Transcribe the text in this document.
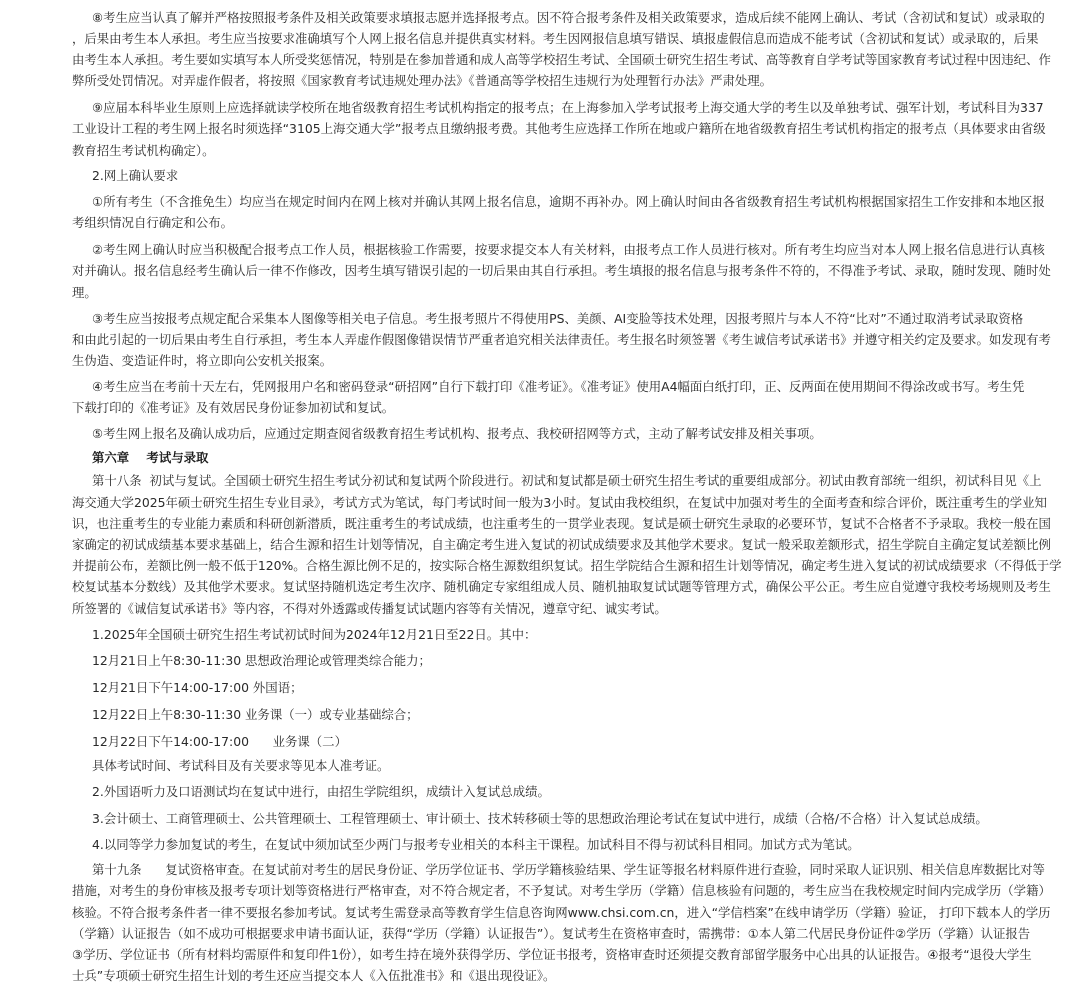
⑧考生应当认真了解并严格按照报考条件及相关政策要求填报志愿并选择报考点。因不符合报考条件及相关政策要求，造成后续不能网上确认、考试（含初试和复试）或录取的
，后果由考生本人承担。考生应当按要求准确填写个人网上报名信息并提供真实材料。考生因网报信息填写错误、填报虚假信息而造成不能考试（含初试和复试）或录取的，后果
由考生本人承担。考生要如实填写本人所受奖惩情况，特别是在参加普通和成人高等学校招生考试、全国硕士研究生招生考试、高等教育自学考试等国家教育考试过程中因违纪、作
弊所受处罚情况。对弄虚作假者，将按照《国家教育考试违规处理办法》《普通高等学校招生违规行为处理暂行办法》严肃处理。
⑨应届本科毕业生原则上应选择就读学校所在地省级教育招生考试机构指定的报考点；在上海参加入学考试报考上海交通大学的考生以及单独考试、强军计划，考试科目为337
工业设计工程的考生网上报名时须选择“3105上海交通大学”报考点且缴纳报考费。其他考生应选择工作所在地或户籍所在地省级教育招生考试机构指定的报考点（具体要求由省级
教育招生考试机构确定）。
2.网上确认要求
①所有考生（不含推免生）均应当在规定时间内在网上核对并确认其网上报名信息，逾期不再补办。网上确认时间由各省级教育招生考试机构根据国家招生工作安排和本地区报
考组织情况自行确定和公布。
②考生网上确认时应当积极配合报考点工作人员，根据核验工作需要，按要求提交本人有关材料，由报考点工作人员进行核对。所有考生均应当对本人网上报名信息进行认真核
对并确认。报名信息经考生确认后一律不作修改，因考生填写错误引起的一切后果由其自行承担。考生填报的报名信息与报考条件不符的，不得准予考试、录取，随时发现、随时处
理。
③考生应当按报考点规定配合采集本人图像等相关电子信息。考生报考照片不得使用PS、美颜、AI变脸等技术处理，因报考照片与本人不符“比对”不通过取消考试录取资格
和由此引起的一切后果由考生自行承担，考生本人弄虚作假图像错误情节严重者追究相关法律责任。考生报名时须签署《考生诚信考试承诺书》并遵守相关约定及要求。如发现有考
生伪造、变造证件时，将立即向公安机关报案。
④考生应当在考前十天左右，凭网报用户名和密码登录“研招网”自行下载打印《准考证》。《准考证》使用A4幅面白纸打印，正、反两面在使用期间不得涂改或书写。考生凭
下载打印的《准考证》及有效居民身份证参加初试和复试。
⑤考生网上报名及确认成功后，应通过定期查阅省级教育招生考试机构、报考点、我校研招网等方式，主动了解考试安排及相关事项。
第六章    考试与录取
第十八条  初试与复试。全国硕士研究生招生考试分初试和复试两个阶段进行。初试和复试都是硕士研究生招生考试的重要组成部分。初试由教育部统一组织，初试科目见《上
海交通大学2025年硕士研究生招生专业目录》，考试方式为笔试，每门考试时间一般为3小时。复试由我校组织，在复试中加强对考生的全面考查和综合评价，既注重考生的学业知
识，也注重考生的专业能力素质和科研创新潜质，既注重考生的考试成绩，也注重考生的一贯学业表现。复试是硕士研究生录取的必要环节，复试不合格者不予录取。我校一般在国
家确定的初试成绩基本要求基础上，结合生源和招生计划等情况，自主确定考生进入复试的初试成绩要求及其他学术要求。复试一般采取差额形式，招生学院自主确定复试差额比例
并提前公布，差额比例一般不低于120%。合格生源比例不足的，按实际合格生源数组织复试。招生学院结合生源和招生计划等情况，确定考生进入复试的初试成绩要求（不得低于学
校复试基本分数线）及其他学术要求。复试坚持随机选定考生次序、随机确定专家组组成人员、随机抽取复试试题等管理方式，确保公平公正。考生应自觉遵守我校考场规则及考生
所签署的《诚信复试承诺书》等内容，不得对外透露或传播复试试题内容等有关情况，遵章守纪、诚实考试。
1.2025年全国硕士研究生招生考试初试时间为2024年12月21日至22日。其中：
12月21日上午8:30-11:30 思想政治理论或管理类综合能力；
12月21日下午14:00-17:00 外国语；
12月22日上午8:30-11:30 业务课（一）或专业基础综合；
12月22日下午14:00-17:00      业务课（二）
具体考试时间、考试科目及有关要求等见本人准考证。
2.外国语听力及口语测试均在复试中进行，由招生学院组织，成绩计入复试总成绩。
3.会计硕士、工商管理硕士、公共管理硕士、工程管理硕士、审计硕士、技术转移硕士等的思想政治理论考试在复试中进行，成绩（合格/不合格）计入复试总成绩。
4.以同等学力参加复试的考生，在复试中须加试至少两门与报考专业相关的本科主干课程。加试科目不得与初试科目相同。加试方式为笔试。
第十九条      复试资格审查。在复试前对考生的居民身份证、学历学位证书、学历学籍核验结果、学生证等报名材料原件进行查验，同时采取人证识别、相关信息库数据比对等
措施，对考生的身份审核及报考专项计划等资格进行严格审查，对不符合规定者，不予复试。对考生学历（学籍）信息核验有问题的，考生应当在我校规定时间内完成学历（学籍）
核验。不符合报考条件者一律不要报名参加考试。复试考生需登录高等教育学生信息咨询网www.chsi.com.cn，进入“学信档案”在线申请学历（学籍）验证， 打印下载本人的学历
（学籍）认证报告（如不成功可根据要求申请书面认证，获得“学历（学籍）认证报告”）。复试考生在资格审查时，需携带：①本人第二代居民身份证件②学历（学籍）认证报告
③学历、学位证书（所有材料均需原件和复印件1份），如考生持在境外获得学历、学位证书报考，资格审查时还须提交教育部留学服务中心出具的认证报告。④报考“退役大学生
士兵”专项硕士研究生招生计划的考生还应当提交本人《入伍批准书》和《退出现役证》。
